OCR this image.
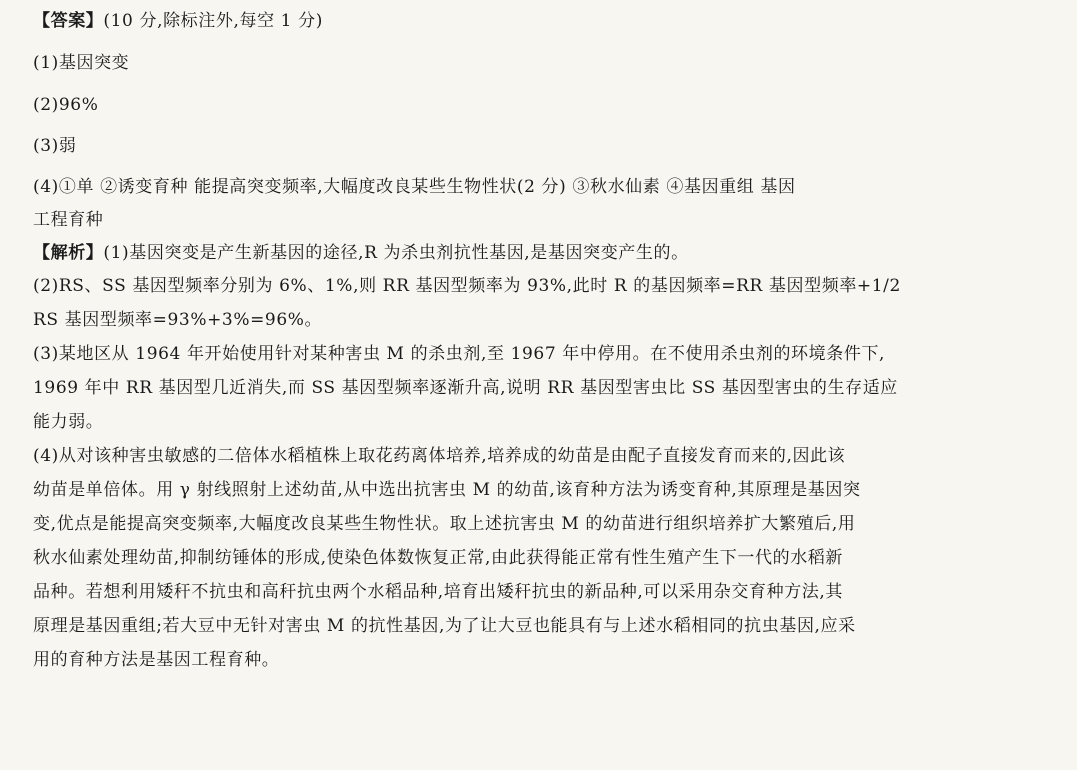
【答案】(10 分,除标注外,每空 1 分)

(1)基因突变

(2)96%

(3)弱

(4)①单 ②诱变育种 能提高突变频率,大幅度改良某些生物性状(2 分) ③秋水仙素 ④基因重组 基因

工程育种

【解析】(1)基因突变是产生新基因的途径,R 为杀虫剂抗性基因,是基因突变产生的。

(2)RS、SS 基因型频率分别为 6%、1%,则 RR 基因型频率为 93%,此时 R 的基因频率=RR 基因型频率+1/2

RS 基因型频率=93%+3%=96%。

(3)某地区从 1964 年开始使用针对某种害虫 M 的杀虫剂,至 1967 年中停用。在不使用杀虫剂的环境条件下,

1969 年中 RR 基因型几近消失,而 SS 基因型频率逐渐升高,说明 RR 基因型害虫比 SS 基因型害虫的生存适应

能力弱。

(4)从对该种害虫敏感的二倍体水稻植株上取花药离体培养,培养成的幼苗是由配子直接发育而来的,因此该

幼苗是单倍体。用 γ 射线照射上述幼苗,从中选出抗害虫 M 的幼苗,该育种方法为诱变育种,其原理是基因突

变,优点是能提高突变频率,大幅度改良某些生物性状。取上述抗害虫 M 的幼苗进行组织培养扩大繁殖后,用

秋水仙素处理幼苗,抑制纺锤体的形成,使染色体数恢复正常,由此获得能正常有性生殖产生下一代的水稻新

品种。若想利用矮秆不抗虫和高秆抗虫两个水稻品种,培育出矮秆抗虫的新品种,可以采用杂交育种方法,其

原理是基因重组;若大豆中无针对害虫 M 的抗性基因,为了让大豆也能具有与上述水稻相同的抗虫基因,应采

用的育种方法是基因工程育种。
